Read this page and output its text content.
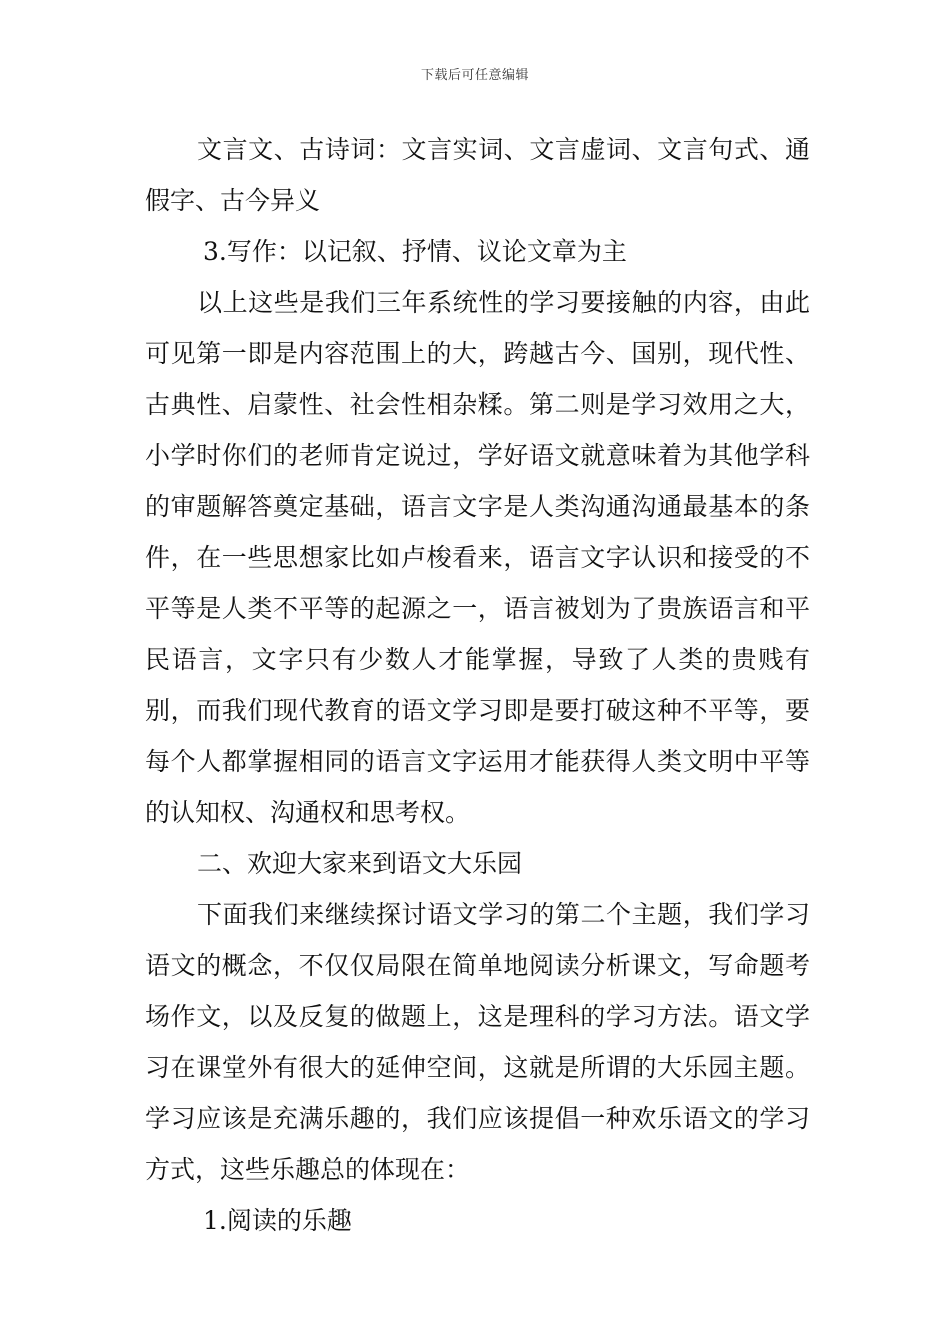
下载后可任意编辑

文言文、古诗词：文言实词、文言虚词、文言句式、通假字、古今异义

3.写作：以记叙、抒情、议论文章为主

以上这些是我们三年系统性的学习要接触的内容，由此可见第一即是内容范围上的大，跨越古今、国别，现代性、古典性、启蒙性、社会性相杂糅。第二则是学习效用之大，小学时你们的老师肯定说过，学好语文就意味着为其他学科的审题解答奠定基础，语言文字是人类沟通沟通最基本的条件，在一些思想家比如卢梭看来，语言文字认识和接受的不平等是人类不平等的起源之一，语言被划为了贵族语言和平民语言，文字只有少数人才能掌握，导致了人类的贵贱有别，而我们现代教育的语文学习即是要打破这种不平等，要每个人都掌握相同的语言文字运用才能获得人类文明中平等的认知权、沟通权和思考权。

二、欢迎大家来到语文大乐园

下面我们来继续探讨语文学习的第二个主题，我们学习语文的概念，不仅仅局限在简单地阅读分析课文，写命题考场作文，以及反复的做题上，这是理科的学习方法。语文学习在课堂外有很大的延伸空间，这就是所谓的大乐园主题。学习应该是充满乐趣的，我们应该提倡一种欢乐语文的学习方式，这些乐趣总的体现在：

1.阅读的乐趣
